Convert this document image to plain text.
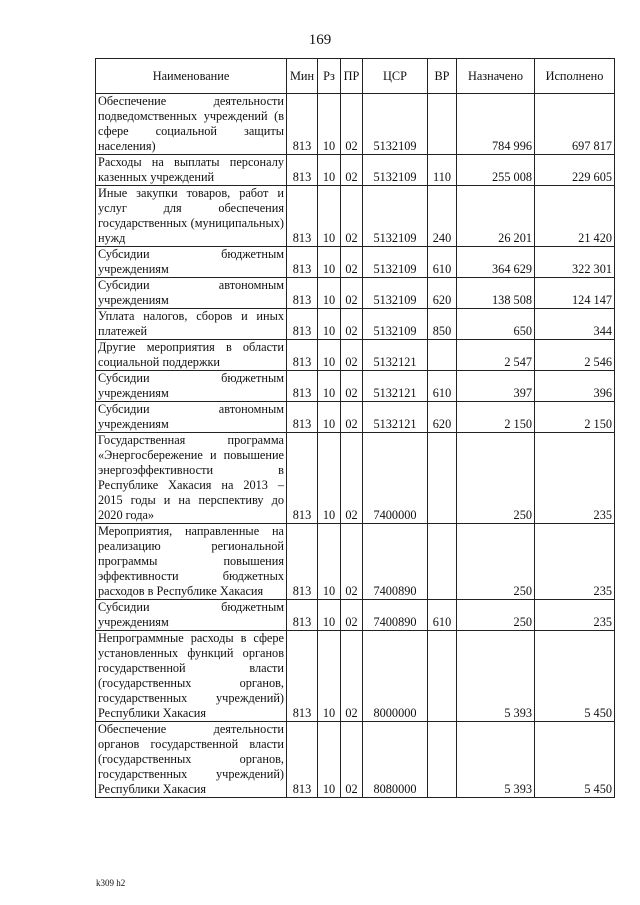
169
Наименование	Мин	Рз	ПР	ЦСР	ВР	Назначено	Исполнено
Обеспечение деятельности подведомственных учреждений (в сфере социальной защиты населения)	813	10	02	5132109		784 996	697 817
Расходы на выплаты персоналу казенных учреждений	813	10	02	5132109	110	255 008	229 605
Иные закупки товаров, работ и услуг для обеспечения государственных (муниципальных) нужд	813	10	02	5132109	240	26 201	21 420
Субсидии бюджетным учреждениям	813	10	02	5132109	610	364 629	322 301
Субсидии автономным учреждениям	813	10	02	5132109	620	138 508	124 147
Уплата налогов, сборов и иных платежей	813	10	02	5132109	850	650	344
Другие мероприятия в области социальной поддержки	813	10	02	5132121		2 547	2 546
Субсидии бюджетным учреждениям	813	10	02	5132121	610	397	396
Субсидии автономным учреждениям	813	10	02	5132121	620	2 150	2 150
Государственная программа «Энергосбережение и повышение энергоэффективности в Республике Хакасия на 2013 – 2015 годы и на перспективу до 2020 года»	813	10	02	7400000		250	235
Мероприятия, направленные на реализацию региональной программы повышения эффективности бюджетных расходов в Республике Хакасия	813	10	02	7400890		250	235
Субсидии бюджетным учреждениям	813	10	02	7400890	610	250	235
Непрограммные расходы в сфере установленных функций органов государственной власти (государственных органов, государственных учреждений) Республики Хакасия	813	10	02	8000000		5 393	5 450
Обеспечение деятельности органов государственной власти (государственных органов, государственных учреждений) Республики Хакасия	813	10	02	8080000		5 393	5 450
k309 h2
